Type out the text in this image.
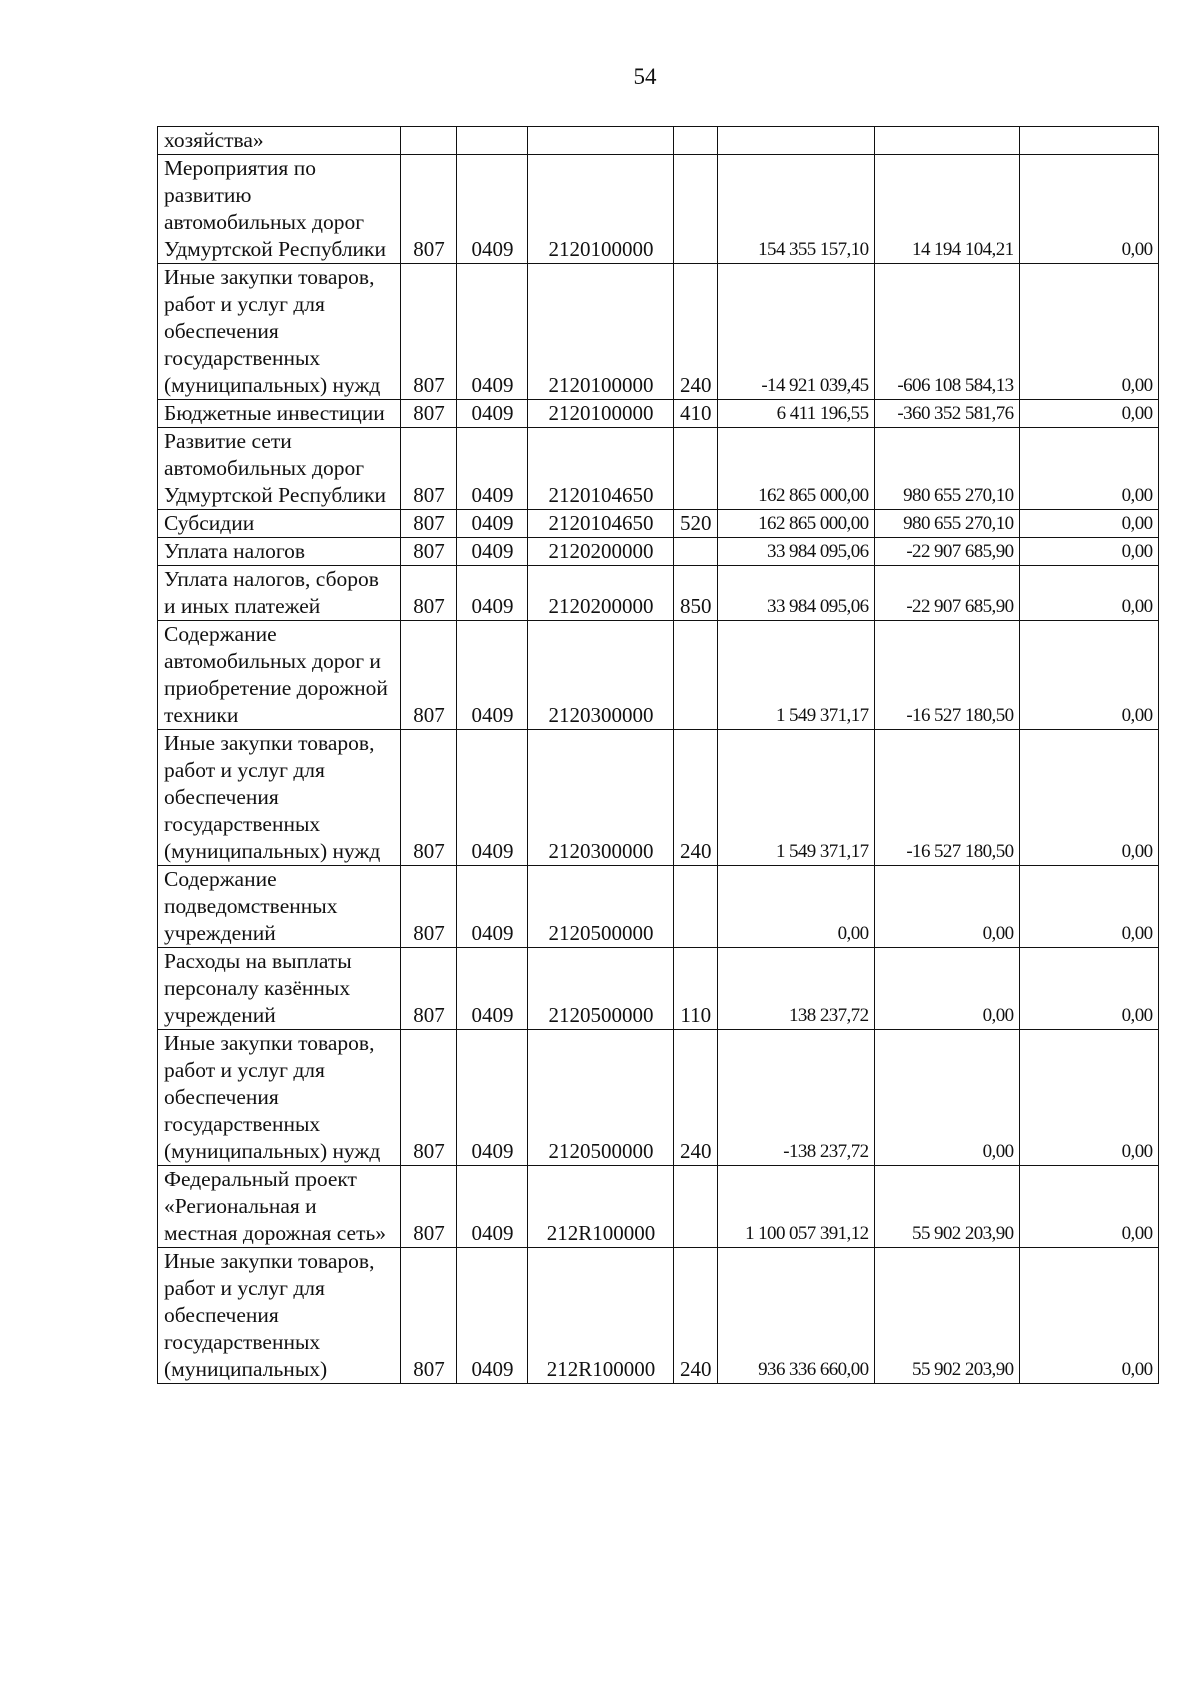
54
хозяйства»							
Мероприятия по развитию автомобильных дорог Удмуртской Республики	807	0409	2120100000		154 355 157,10	14 194 104,21	0,00
Иные закупки товаров, работ и услуг для обеспечения государственных (муниципальных) нужд	807	0409	2120100000	240	-14 921 039,45	-606 108 584,13	0,00
Бюджетные инвестиции	807	0409	2120100000	410	6 411 196,55	-360 352 581,76	0,00
Развитие сети автомобильных дорог Удмуртской Республики	807	0409	2120104650		162 865 000,00	980 655 270,10	0,00
Субсидии	807	0409	2120104650	520	162 865 000,00	980 655 270,10	0,00
Уплата налогов	807	0409	2120200000		33 984 095,06	-22 907 685,90	0,00
Уплата налогов, сборов и иных платежей	807	0409	2120200000	850	33 984 095,06	-22 907 685,90	0,00
Содержание автомобильных дорог и приобретение дорожной техники	807	0409	2120300000		1 549 371,17	-16 527 180,50	0,00
Иные закупки товаров, работ и услуг для обеспечения государственных (муниципальных) нужд	807	0409	2120300000	240	1 549 371,17	-16 527 180,50	0,00
Содержание подведомственных учреждений	807	0409	2120500000		0,00	0,00	0,00
Расходы на выплаты персоналу казённых учреждений	807	0409	2120500000	110	138 237,72	0,00	0,00
Иные закупки товаров, работ и услуг для обеспечения государственных (муниципальных) нужд	807	0409	2120500000	240	-138 237,72	0,00	0,00
Федеральный проект «Региональная и местная дорожная сеть»	807	0409	212R100000		1 100 057 391,12	55 902 203,90	0,00
Иные закупки товаров, работ и услуг для обеспечения государственных (муниципальных)	807	0409	212R100000	240	936 336 660,00	55 902 203,90	0,00
